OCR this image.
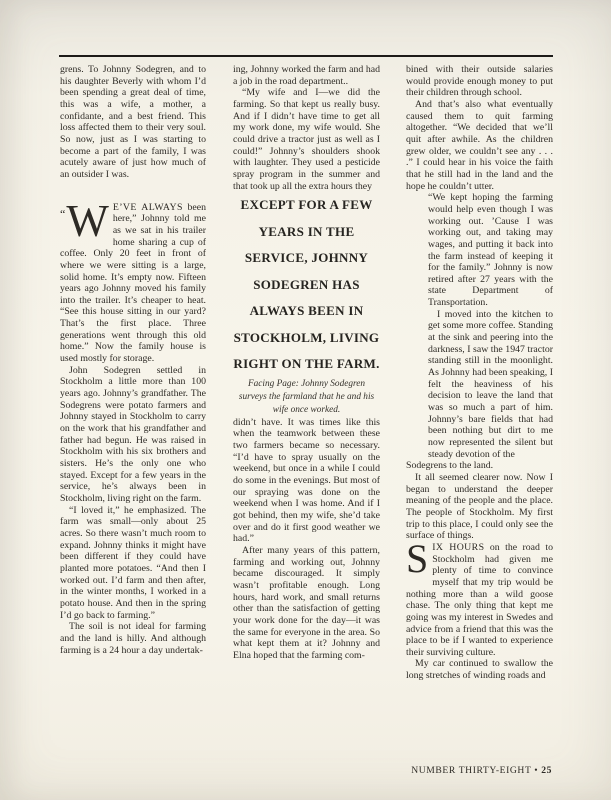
grens. To Johnny Sodegren, and to his daughter Beverly with whom I’d been spending a great deal of time, this was a wife, a mother, a confidante, and a best friend. This loss affected them to their very soul. So now, just as I was starting to become a part of the family, I was acutely aware of just how much of an outsider I was.

“W E’VE ALWAYS been here,” Johnny told me as we sat in his trailer home sharing a cup of coffee. Only 20 feet in front of where we were sitting is a large, solid home. It’s empty now. Fifteen years ago Johnny moved his family into the trailer. It’s cheaper to heat. “See this house sitting in our yard? That’s the first place. Three generations went through this old home.” Now the family house is used mostly for storage.

John Sodegren settled in Stockholm a little more than 100 years ago. Johnny’s grandfather. The Sodegrens were potato farmers and Johnny stayed in Stockholm to carry on the work that his grandfather and father had begun. He was raised in Stockholm with his six brothers and sisters. He’s the only one who stayed. Except for a few years in the service, he’s always been in Stockholm, living right on the farm.

“I loved it,” he emphasized. The farm was small—only about 25 acres. So there wasn’t much room to expand. Johnny thinks it might have been different if they could have planted more potatoes. “And then I worked out. I’d farm and then after, in the winter months, I worked in a potato house. And then in the spring I’d go back to farming.”

The soil is not ideal for farming and the land is hilly. And although farming is a 24 hour a day undertak-

ing, Johnny worked the farm and had a job in the road department..

“My wife and I—we did the farming. So that kept us really busy. And if I didn’t have time to get all my work done, my wife would. She could drive a tractor just as well as I could!” Johnny’s shoulders shook with laughter. They used a pesticide spray program in the summer and that took up all the extra hours they

EXCEPT FOR A FEW YEARS IN THE SERVICE, JOHNNY SODEGREN HAS ALWAYS BEEN IN STOCKHOLM, LIVING RIGHT ON THE FARM.

Facing Page: Johnny Sodegren surveys the farmland that he and his wife once worked.

didn’t have. It was times like this when the teamwork between these two farmers became so necessary. “I’d have to spray usually on the weekend, but once in a while I could do some in the evenings. But most of our spraying was done on the weekend when I was home. And if I got behind, then my wife, she’d take over and do it first good weather we had.”

After many years of this pattern, farming and working out, Johnny became discouraged. It simply wasn’t profitable enough. Long hours, hard work, and small returns other than the satisfaction of getting your work done for the day—it was the same for everyone in the area. So what kept them at it? Johnny and Elna hoped that the farming com-

bined with their outside salaries would provide enough money to put their children through school.

And that’s also what eventually caused them to quit farming altogether. “We decided that we’ll quit after awhile. As the children grew older, we couldn’t see any . . . .” I could hear in his voice the faith that he still had in the land and the hope he couldn’t utter.

“We kept hoping the farming would help even though I was working out. ’Cause I was working out, and taking may wages, and putting it back into the farm instead of keeping it for the family.” Johnny is now retired after 27 years with the state Department of Transportation.

I moved into the kitchen to get some more coffee. Standing at the sink and peering into the darkness, I saw the 1947 tractor standing still in the moonlight. As Johnny had been speaking, I felt the heaviness of his decision to leave the land that was so much a part of him. Johnny’s bare fields that had been nothing but dirt to me now represented the silent but steady devotion of the

Sodegrens to the land.

It all seemed clearer now. Now I began to understand the deeper meaning of the people and the place. The people of Stockholm. My first trip to this place, I could only see the surface of things.

SIX HOURS on the road to Stockholm had given me plenty of time to convince myself that my trip would be nothing more than a wild goose chase. The only thing that kept me going was my interest in Swedes and advice from a friend that this was the place to be if I wanted to experience their surviving culture.

My car continued to swallow the long stretches of winding roads and

NUMBER THIRTY-EIGHT • 25
